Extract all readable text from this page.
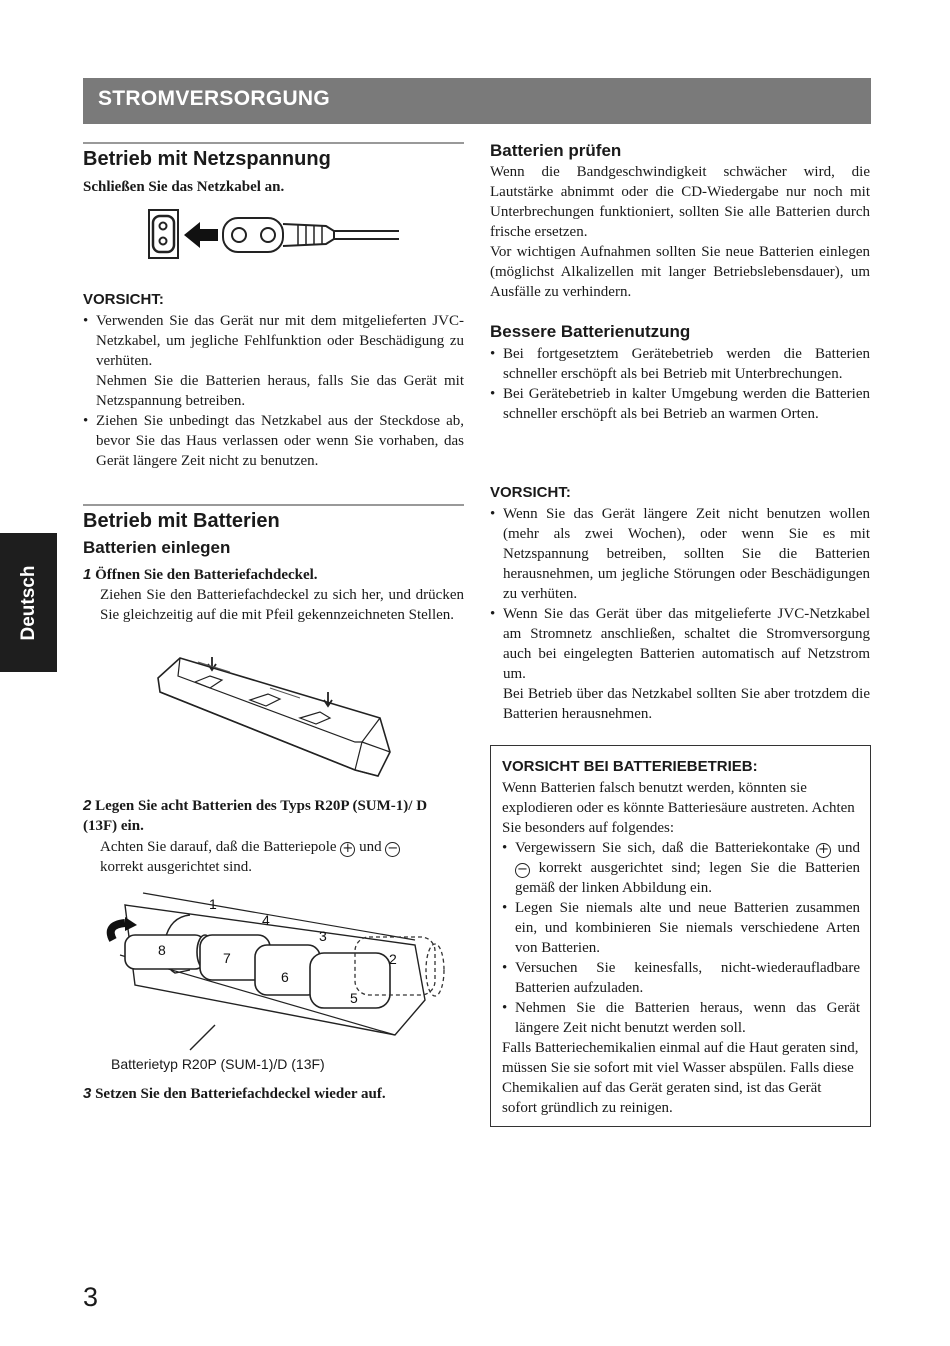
STROMVERSORGUNG
Deutsch
Betrieb mit Netzspannung

Schließen Sie das Netzkabel an.

VORSICHT:
• Verwenden Sie das Gerät nur mit dem mitgelieferten JVC-Netzkabel, um jegliche Fehlfunktion oder Beschädigung zu verhüten.
Nehmen Sie die Batterien heraus, falls Sie das Gerät mit Netzspannung betreiben.
• Ziehen Sie unbedingt das Netzkabel aus der Steckdose ab, bevor Sie das Haus verlassen oder wenn Sie vorhaben, das Gerät längere Zeit nicht zu benutzen.
Betrieb mit Batterien
Batterien einlegen

1 Öffnen Sie den Batteriefachdeckel.

Ziehen Sie den Batteriefachdeckel zu sich her, und drücken Sie gleichzeitig auf die mit Pfeil gekennzeichneten Stellen.

2 Legen Sie acht Batterien des Typs R20P (SUM-1)/ D (13F) ein.

Achten Sie darauf, daß die Batteriepole + und −
korrekt ausgerichtet sind.

1
4
3
2
8	7
6
5
Batterietyp R20P (SUM-1)/D (13F)

3 Setzen Sie den Batteriefachdeckel wieder auf.

Batterien prüfen

Wenn die Bandgeschwindigkeit schwächer wird, die Lautstärke abnimmt oder die CD-Wiedergabe nur noch mit Unterbrechungen funktioniert, sollten Sie alle Batterien durch frische ersetzen.

Vor wichtigen Aufnahmen sollten Sie neue Batterien einlegen (möglichst Alkalizellen mit langer Betriebslebensdauer), um Ausfälle zu verhindern.

Bessere Batterienutzung
• Bei fortgesetztem Gerätebetrieb werden die Batterien schneller erschöpft als bei Betrieb mit Unterbrechungen.
• Bei Gerätebetrieb in kalter Umgebung werden die Batterien schneller erschöpft als bei Betrieb an warmen Orten.
VORSICHT:
• Wenn Sie das Gerät längere Zeit nicht benutzen wollen (mehr als zwei Wochen), oder wenn Sie es mit Netzspannung betreiben, sollten Sie die Batterien herausnehmen, um jegliche Störungen oder Beschädigungen zu verhüten.
• Wenn Sie das Gerät über das mitgelieferte JVC-Netzkabel am Stromnetz anschließen, schaltet die Stromversorgung auch bei eingelegten Batterien automatisch auf Netzstrom um.
Bei Betrieb über das Netzkabel sollten Sie aber trotzdem die Batterien herausnehmen.
VORSICHT BEI BATTERIEBETRIEB:

Wenn Batterien falsch benutzt werden, könnten sie explodieren oder es könnte Batteriesäure austreten. Achten Sie besonders auf folgendes:

• Vergewissern Sie sich, daß die Batteriekontake + und − korrekt ausgerichtet sind; legen Sie die Batterien gemäß der linken Abbildung ein.
• Legen Sie niemals alte und neue Batterien zusammen ein, und kombinieren Sie niemals verschiedene Arten von Batterien.
• Versuchen Sie keinesfalls, nicht-wiederaufladbare Batterien aufzuladen.
• Nehmen Sie die Batterien heraus, wenn das Gerät längere Zeit nicht benutzt werden soll.

Falls Batteriechemikalien einmal auf die Haut geraten sind, müssen Sie sie sofort mit viel Wasser abspülen. Falls diese Chemikalien auf das Gerät geraten sind, ist das Gerät sofort gründlich zu reinigen.

3
